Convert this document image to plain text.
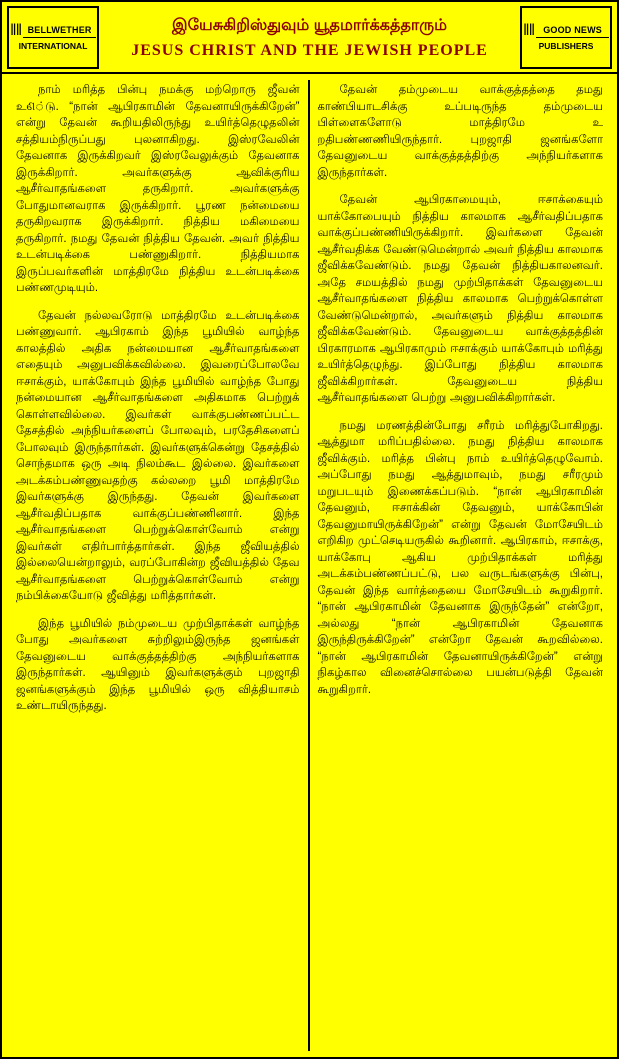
‖‖ BELLWETHER
INTERNATIONAL
இயேசுகிறிஸ்துவும் யூதமார்க்கத்தாரும்
JESUS CHRIST AND THE JEWISH PEOPLE
‖‖ GOOD NEWS
PUBLISHERS

நாம் மரித்த பின்பு நமக்கு மற்றொரு ஜீவன் உଣ்டு. “நான் ஆபிரகாமின் தேவனாயிருக்கிறேன்” என்று தேவன் கூறியதிலிருந்து உயிர்த்தெழுதலின் சத்தியம்நிருப்பது புலனாகிறது. இஸ்ரவேலின் தேவனாக இருக்கிறவர் இஸ்ரவேலுக்கும் தேவனாக இருக்கிறார். அவர்களுக்கு ஆவிக்குரிய ஆசீர்வாதங்களை தருகிறார். அவர்களுக்கு போதுமானவராக இருக்கிறார். பூரண நன்மையை தருகிறவராக இருக்கிறார். நித்திய மகிமையை தருகிறார். நமது தேவன் நித்திய தேவன். அவர் நித்திய உடன்படிக்கை பண்ணுகிறார். நித்தியமாக இருப்பவர்களின் மாத்திரமே நித்திய உடன்படிக்கை பண்ணமுடியும்.

தேவன் நல்லவரோடு மாத்திரமே உடன்படிக்கை பண்ணுவார். ஆபிரகாம் இந்த பூமியில் வாழ்ந்த காலத்தில் அதிக நன்மையான ஆசீர்வாதங்களை எதையும் அனுபவிக்கவில்லை. இவரைப்போலவே ஈசாக்கும், யாக்கோபும் இந்த பூமியில் வாழ்ந்த போது நன்மையான ஆசீர்வாதங்களை அதிகமாக பெற்றுக் கொள்ளவில்லை. இவர்கள் வாக்குபண்ணப்பட்ட தேசத்தில் அந்நியர்களைப் போலவும், பரதேசிகளைப் போலவும் இருந்தார்கள். இவர்களுக்கென்று தேசத்தில் சொந்தமாக ஒரு அடி நிலம்கூட இல்லை. இவர்களை அடக்கம்பண்ணுவதற்கு கல்லறை பூமி மாத்திரமே இவர்களுக்கு இருந்தது. தேவன் இவர்களை ஆசீர்வதிப்பதாக வாக்குப்பண்ணினார். இந்த ஆசீர்வாதங்களை பெற்றுக்கொள்வோம் என்று இவர்கள் எதிர்பார்த்தார்கள். இந்த ஜீவியத்தில் இல்லையென்றாலும், வரப்போகின்ற ஜீவியத்தில் தேவ ஆசீர்வாதங்களை பெற்றுக்கொள்வோம் என்று நம்பிக்கையோடு ஜீவித்து மரித்தார்கள்.

இந்த பூமியில் நம்முடைய முற்பிதாக்கள் வாழ்ந்த போது அவர்களை சுற்றிலும்இருந்த ஜனங்கள் தேவனுடைய வாக்குத்தத்திற்கு அந்நியர்களாக இருந்தார்கள். ஆயினும் இவர்களுக்கும் புறஜாதி ஜனங்களுக்கும் இந்த பூமியில் ஒரு வித்தியாசம் உண்டாயிருந்தது.

தேவன் தம்முடைய வாக்குத்தத்தை தமது காண்பியாடசிக்கு உப்படிருந்த தம்முடைய பிள்ளைகளோடு மாத்திரமே உ றதிபண்ணணியிருந்தார். புறஜாதி ஜனங்களோ தேவனுடைய வாக்குத்தத்திற்கு அந்நியர்களாக இருந்தார்கள்.

தேவன் ஆபிரகாமையும், ஈசாக்கையும் யாக்கோபையும் நித்திய காலமாக ஆசீர்வதிப்பதாக வாக்குப்பண்ணியிருக்கிறார். இவர்களை தேவன் ஆசீர்வதிக்க வேண்டுமென்றால் அவர் நித்திய காலமாக ஜீவிக்கவேண்டும். நமது தேவன் நித்தியகாலனவர். அதே சமயத்தில் நமது முற்பிதாக்கள் தேவனுடைய ஆசீர்வாதங்களை நித்திய காலமாக பெற்றுக்கொள்ள வேண்டுமென்றால், அவர்களும் நித்திய காலமாக ஜீவிக்கவேண்டும். தேவனுடைய வாக்குத்தத்தின் பிரகாரமாக ஆபிரகாமும் ஈசாக்கும் யாக்கோபும் மரித்து உயிர்த்தெழுந்து. இப்போது நித்திய காலமாக ஜீவிக்கிறார்கள். தேவனுடைய நித்திய ஆசீர்வாதங்களை பெற்று அனுபவிக்கிறார்கள்.

நமது மரணத்தின்போது சரீரம் மரித்துபோகிறது. ஆத்துமா மரிப்பதில்லை. நமது நித்திய காலமாக ஜீவிக்கும். மரித்த பின்பு நாம் உயிர்த்தெழுவோம். அப்போது நமது ஆத்துமாவும், நமது சரீரமும் மறுபடயும் இணைக்கப்படும். “நான் ஆபிரகாமின் தேவனும், ஈசாக்கின் தேவனும், யாக்கோபின் தேவனுமாயிருக்கிறேன்” என்று தேவன் மோசேயிடம் எறிகிற முட்செடியருகில் கூறினார். ஆபிரகாம், ஈசாக்கு, யாக்கோபு ஆகிய முற்பிதாக்கள் மரித்து அடக்கம்பண்ணப்பட்டு, பல வருடங்களுக்கு பின்பு, தேவன் இந்த வார்த்தையை மோசேயிடம் கூறுகிறார். “நான் ஆபிரகாமின் தேவனாக இருந்தேன்” என்றோ, அல்லது “நான் ஆபிரகாமின் தேவனாக இருந்திருக்கிறேன்” என்றோ தேவன் கூறவில்லை. “நான் ஆபிரகாமின் தேவனாயிருக்கிறேன்” என்று நிகழ்கால வினைச்சொல்லை பயன்படுத்தி தேவன் கூறுகிறார்.
